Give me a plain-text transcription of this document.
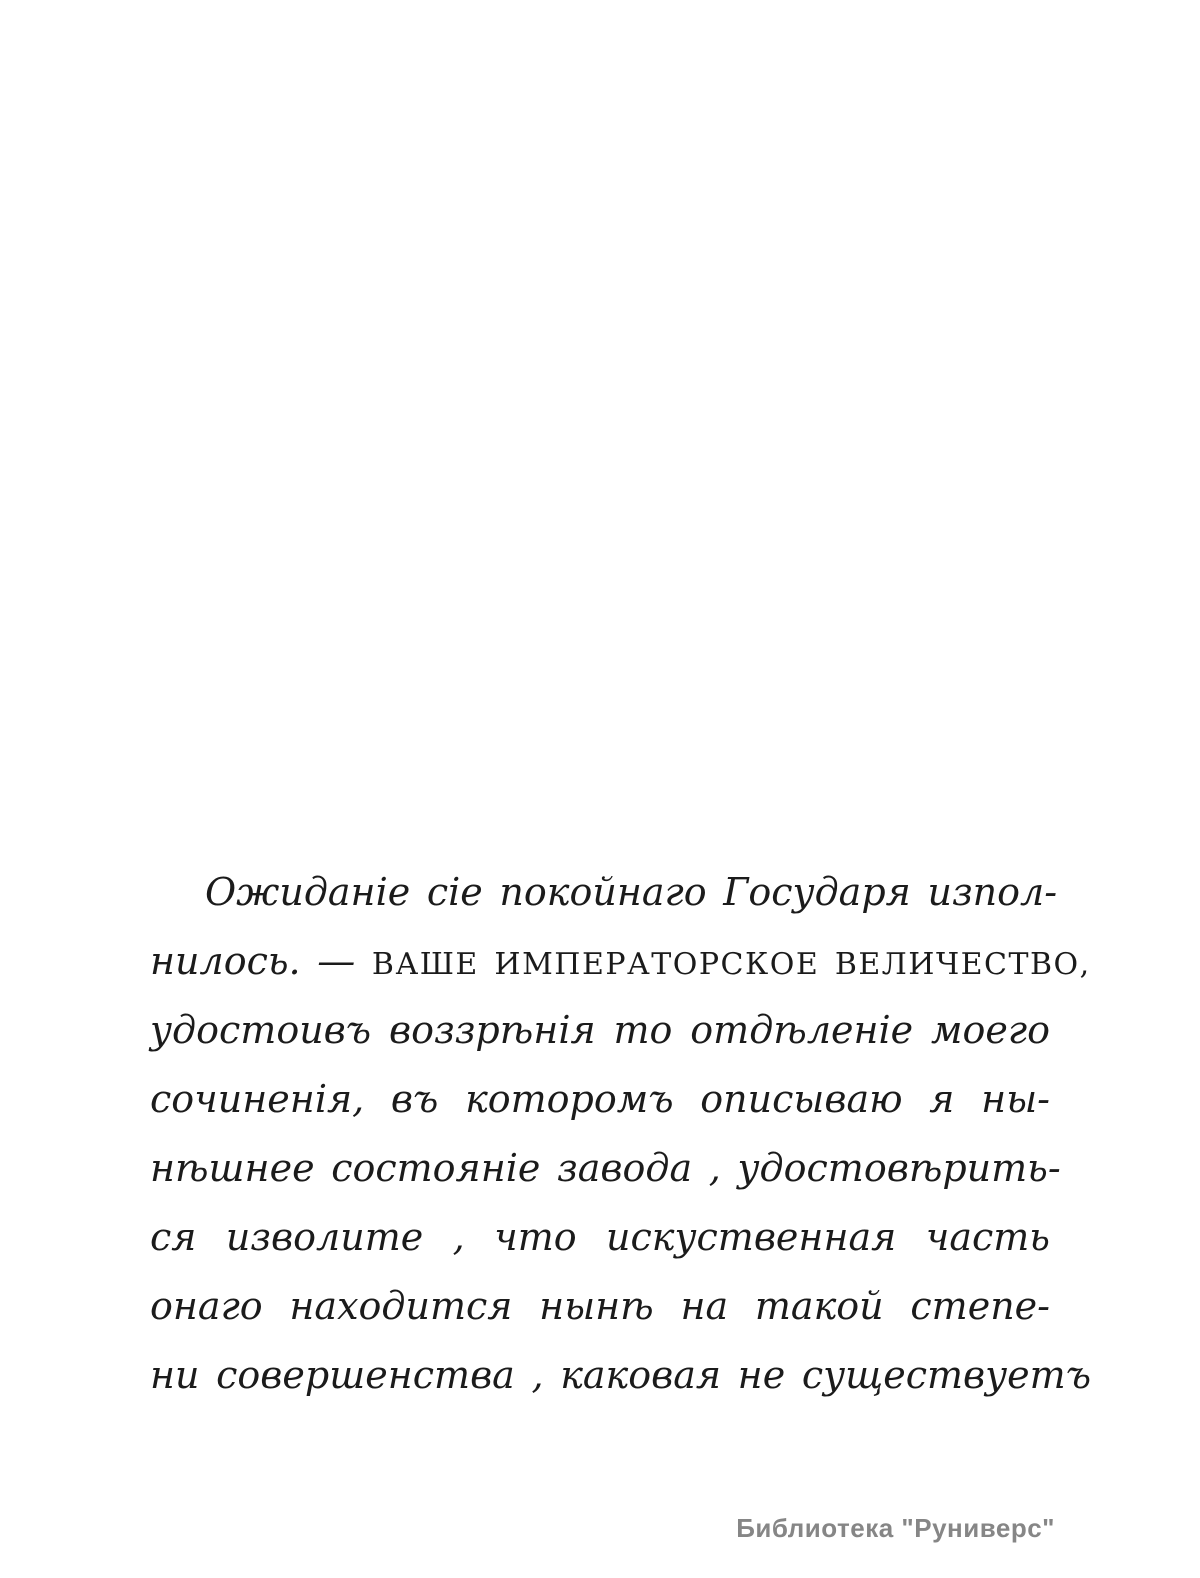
Ожиданіе сіе покойнаго Государя изпол-
нилось. — ВАШЕ ИМПЕРАТОРСКОЕ ВЕЛИЧЕСТВО,
удостоивъ воззрѣнія то отдѣленіе моего
сочиненія, въ которомъ описываю я ны-
нѣшнее состояніе завода , удостовѣрить-
ся изволите , что искуственная часть
онаго находится нынѣ на такой степе-
ни совершенства , каковая не существуетъ
Библиотека "Руниверс"
